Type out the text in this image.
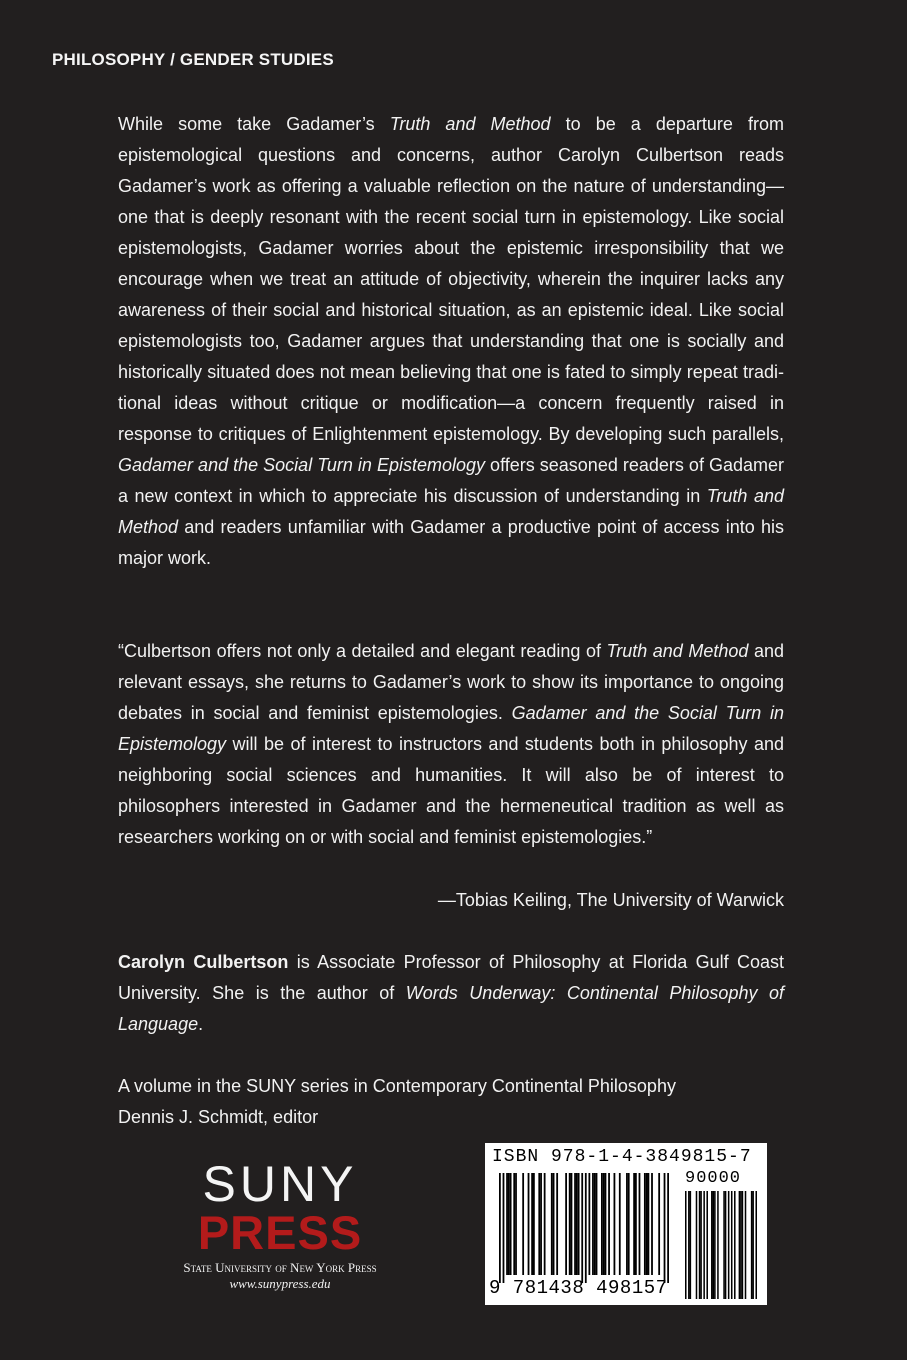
PHILOSOPHY / GENDER STUDIES
While some take Gadamer’s Truth and Method to be a departure from epistemological questions and concerns, author Carolyn Culbertson reads Gadamer’s work as offering a valuable reflection on the nature of understanding—one that is deeply resonant with the recent social turn in epistemology. Like social epistemologists, Gadamer worries about the epistemic irresponsibility that we encourage when we treat an attitude of objectivity, wherein the inquirer lacks any awareness of their social and historical situation, as an epistemic ideal. Like social epistemologists too, Gadamer argues that understanding that one is socially and historically situated does not mean believing that one is fated to simply repeat traditional ideas without critique or modification—a concern frequently raised in response to critiques of Enlightenment epistemology. By developing such parallels, Gadamer and the Social Turn in Epistemology offers seasoned readers of Gadamer a new context in which to appreciate his discussion of understanding in Truth and Method and readers unfamiliar with Gadamer a productive point of access into his major work.
“Culbertson offers not only a detailed and elegant reading of Truth and Method and relevant essays, she returns to Gadamer’s work to show its importance to ongoing debates in social and feminist epistemologies. Gadamer and the Social Turn in Epistemology will be of interest to instructors and students both in philosophy and neighboring social sciences and humanities. It will also be of interest to philosophers interested in Gadamer and the hermeneutical tradition as well as researchers working on or with social and feminist epistemologies.”
—Tobias Keiling, The University of Warwick
Carolyn Culbertson is Associate Professor of Philosophy at Florida Gulf Coast University. She is the author of Words Underway: Continental Philosophy of Language.
A volume in the SUNY series in Contemporary Continental Philosophy
Dennis J. Schmidt, editor
SUNY
PRESS
State University of New York Press
www.sunypress.edu
ISBN 978-1-4-3849815-7
90000
9 781438 498157
